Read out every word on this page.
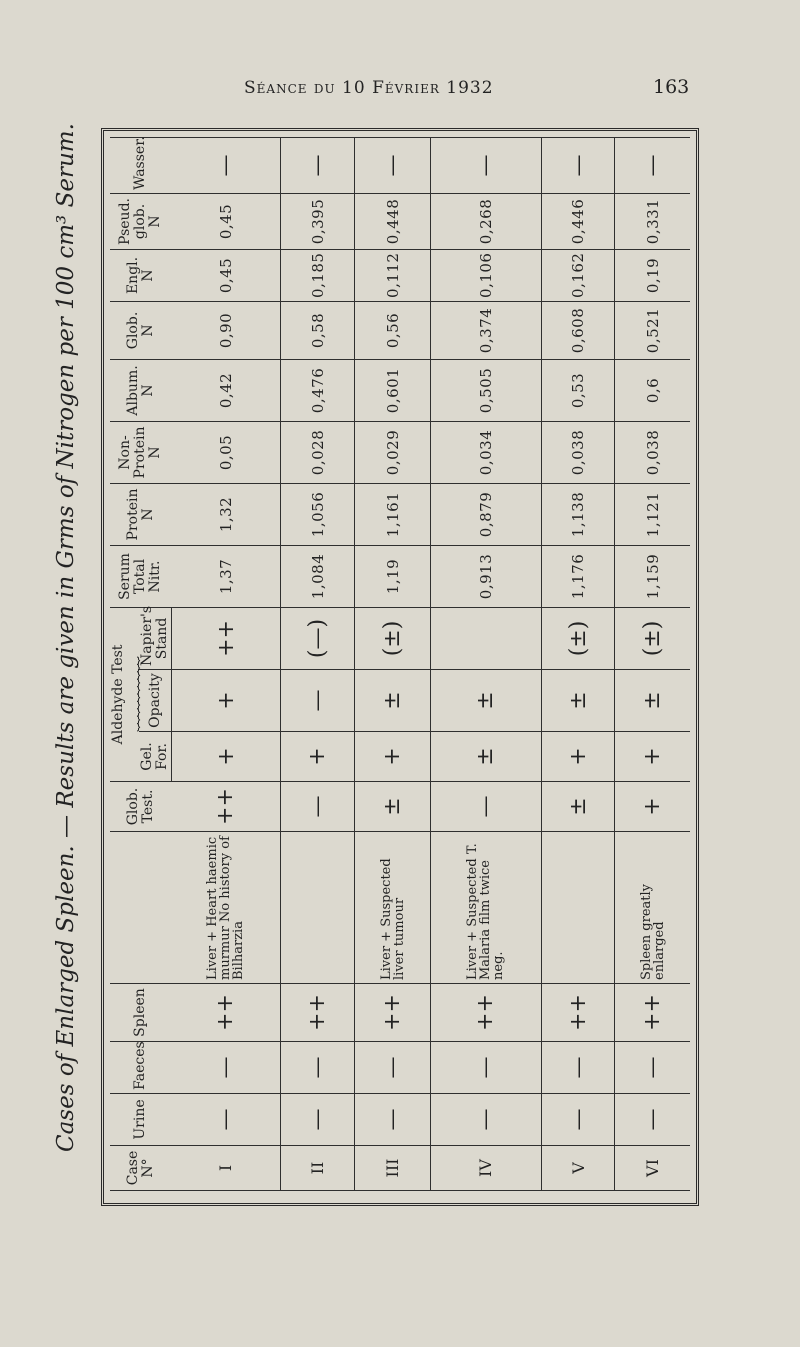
Séance du 10 Février 1932	163
Cases of Enlarged Spleen. — Results are given in Grms of Nitrogen per 100 cm³ Serum.
Case N°	Urine	Faeces	Spleen		Glob. Test.	Aldehyde Test
⏟⏟⏟⏟⏟⏟⏟⏟⏟⏟			Serum Total Nitr.	Protein N	Non-Protein N	Album. N	Glob. N	Engl. N	Pseud. glob. N	Wasser.
						Gel. For.	Opacity	Napier's Stand								
I	—	—	++	Liver + Heart haemic murmur No history of Bilharzia	++	+	+	++	1,37	1,32	0,05	0,42	0,90	0,45	0,45	—
II	—	—	++		—	+	—	(—)	1,084	1,056	0,028	0,476	0,58	0,185	0,395	—
III	—	—	++	Liver + Suspected liver tumour	±	+	±	(±)	1,19	1,161	0,029	0,601	0,56	0,112	0,448	—
IV	—	—	++	Liver + Suspected T. Malaria film twice neg.	—	±	±		0,913	0,879	0,034	0,505	0,374	0,106	0,268	—
V	—	—	++		±	+	±	(±)	1,176	1,138	0,038	0,53	0,608	0,162	0,446	—
VI	—	—	++	Spleen greatly enlarged	+	+	±	(±)	1,159	1,121	0,038	0,6	0,521	0,19	0,331	—
